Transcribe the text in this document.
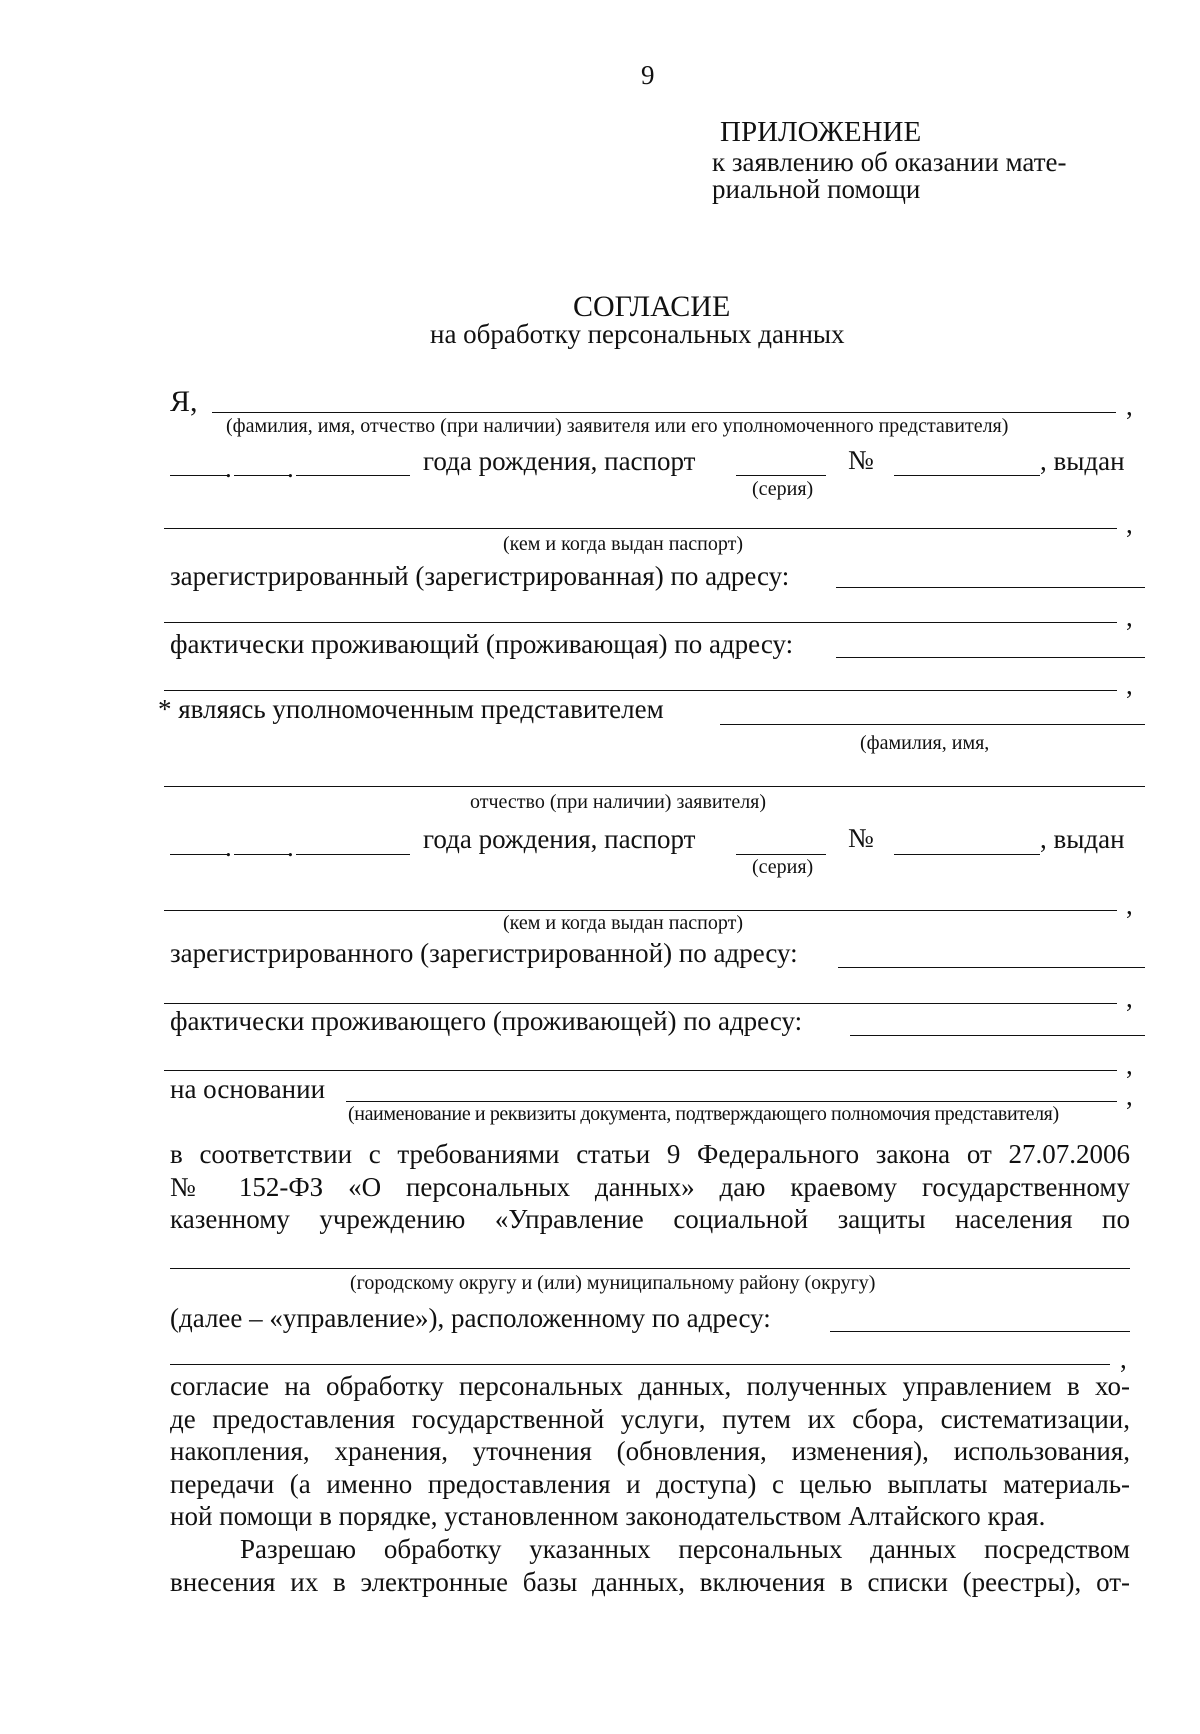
9
ПРИЛОЖЕНИЕ
к заявлению об оказании мате-
риальной помощи
СОГЛАСИЕ
на обработку персональных данных
Я,	,
(фамилия, имя, отчество (при наличии) заявителя или его уполномоченного представителя)
. .	года рождения, паспорт	№	, выдан
(серия)
,
(кем и когда выдан паспорт)
зарегистрированный (зарегистрированная) по адресу:
,
фактически проживающий (проживающая) по адресу:
,
* являясь уполномоченным представителем
(фамилия, имя,
отчество (при наличии) заявителя)
. .	года рождения, паспорт	№	, выдан
(серия)
,
(кем и когда выдан паспорт)
зарегистрированного (зарегистрированной) по адресу:
,
фактически проживающего (проживающей) по адресу:
,
на основании	,
(наименование и реквизиты документа, подтверждающего полномочия представителя)
в соответствии с требованиями статьи 9 Федерального закона от 27.07.2006
№ 152-ФЗ «О персональных данных» даю краевому государственному
казенному учреждению «Управление социальной защиты населения по
(городскому округу и (или) муниципальному району (округу)
(далее – «управление»), расположенному по адресу:
,
согласие на обработку персональных данных, полученных управлением в хо-
де предоставления государственной услуги, путем их сбора, систематизации,
накопления, хранения, уточнения (обновления, изменения), использования,
передачи (а именно предоставления и доступа) с целью выплаты материаль-
ной помощи в порядке, установленном законодательством Алтайского края.
Разрешаю обработку указанных персональных данных посредством
внесения их в электронные базы данных, включения в списки (реестры), от-
